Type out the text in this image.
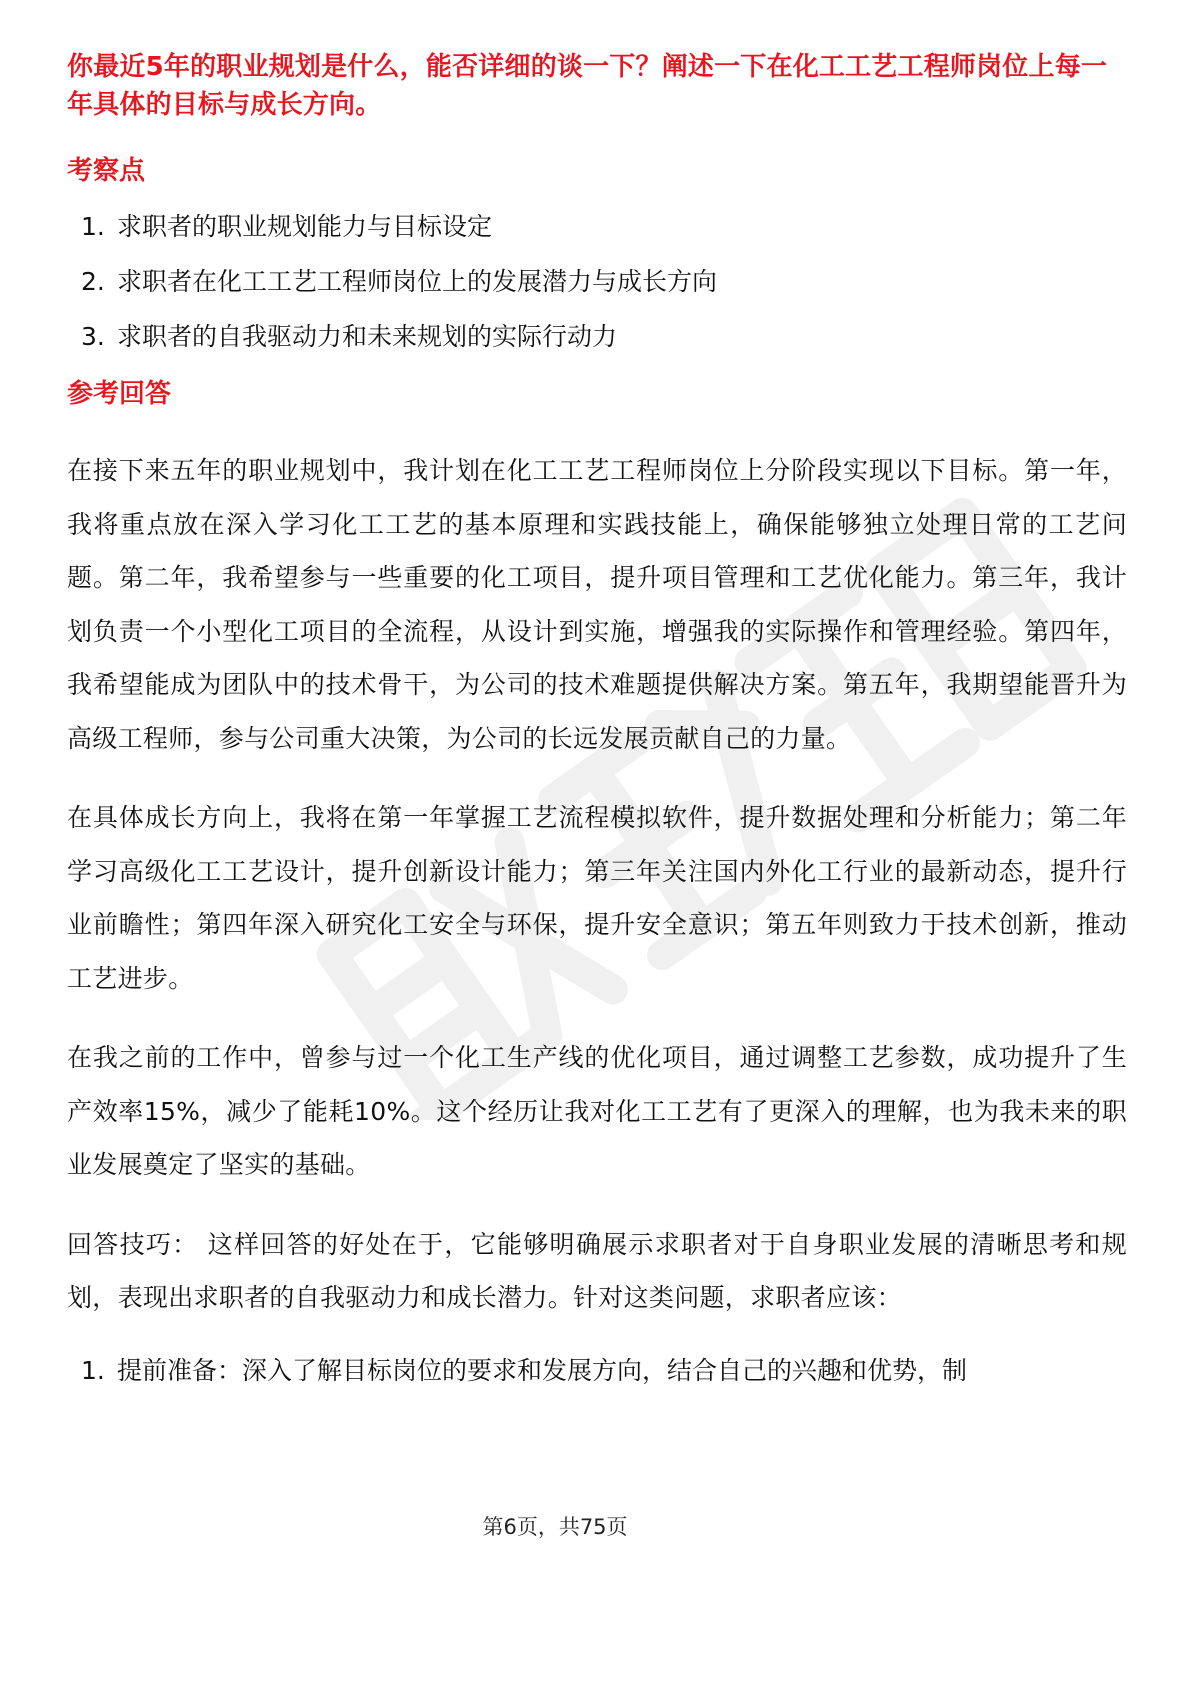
你最近5年的职业规划是什么，能否详细的谈一下？阐述一下在化工工艺工程师岗位上每一年具体的目标与成长方向。

考察点

1. 求职者的职业规划能力与目标设定
2. 求职者在化工工艺工程师岗位上的发展潜力与成长方向
3. 求职者的自我驱动力和未来规划的实际行动力

参考回答

在接下来五年的职业规划中，我计划在化工工艺工程师岗位上分阶段实现以下目标。第一年，我将重点放在深入学习化工工艺的基本原理和实践技能上，确保能够独立处理日常的工艺问题。第二年，我希望参与一些重要的化工项目，提升项目管理和工艺优化能力。第三年，我计划负责一个小型化工项目的全流程，从设计到实施，增强我的实际操作和管理经验。第四年，我希望能成为团队中的技术骨干，为公司的技术难题提供解决方案。第五年，我期望能晋升为高级工程师，参与公司重大决策，为公司的长远发展贡献自己的力量。

在具体成长方向上，我将在第一年掌握工艺流程模拟软件，提升数据处理和分析能力；第二年学习高级化工工艺设计，提升创新设计能力；第三年关注国内外化工行业的最新动态，提升行业前瞻性；第四年深入研究化工安全与环保，提升安全意识；第五年则致力于技术创新，推动工艺进步。

在我之前的工作中，曾参与过一个化工生产线的优化项目，通过调整工艺参数，成功提升了生产效率15%，减少了能耗10%。这个经历让我对化工工艺有了更深入的理解，也为我未来的职业发展奠定了坚实的基础。

回答技巧： 这样回答的好处在于，它能够明确展示求职者对于自身职业发展的清晰思考和规划，表现出求职者的自我驱动力和成长潜力。针对这类问题，求职者应该：

1. 提前准备：深入了解目标岗位的要求和发展方向，结合自己的兴趣和优势，制
第6页，共75页
